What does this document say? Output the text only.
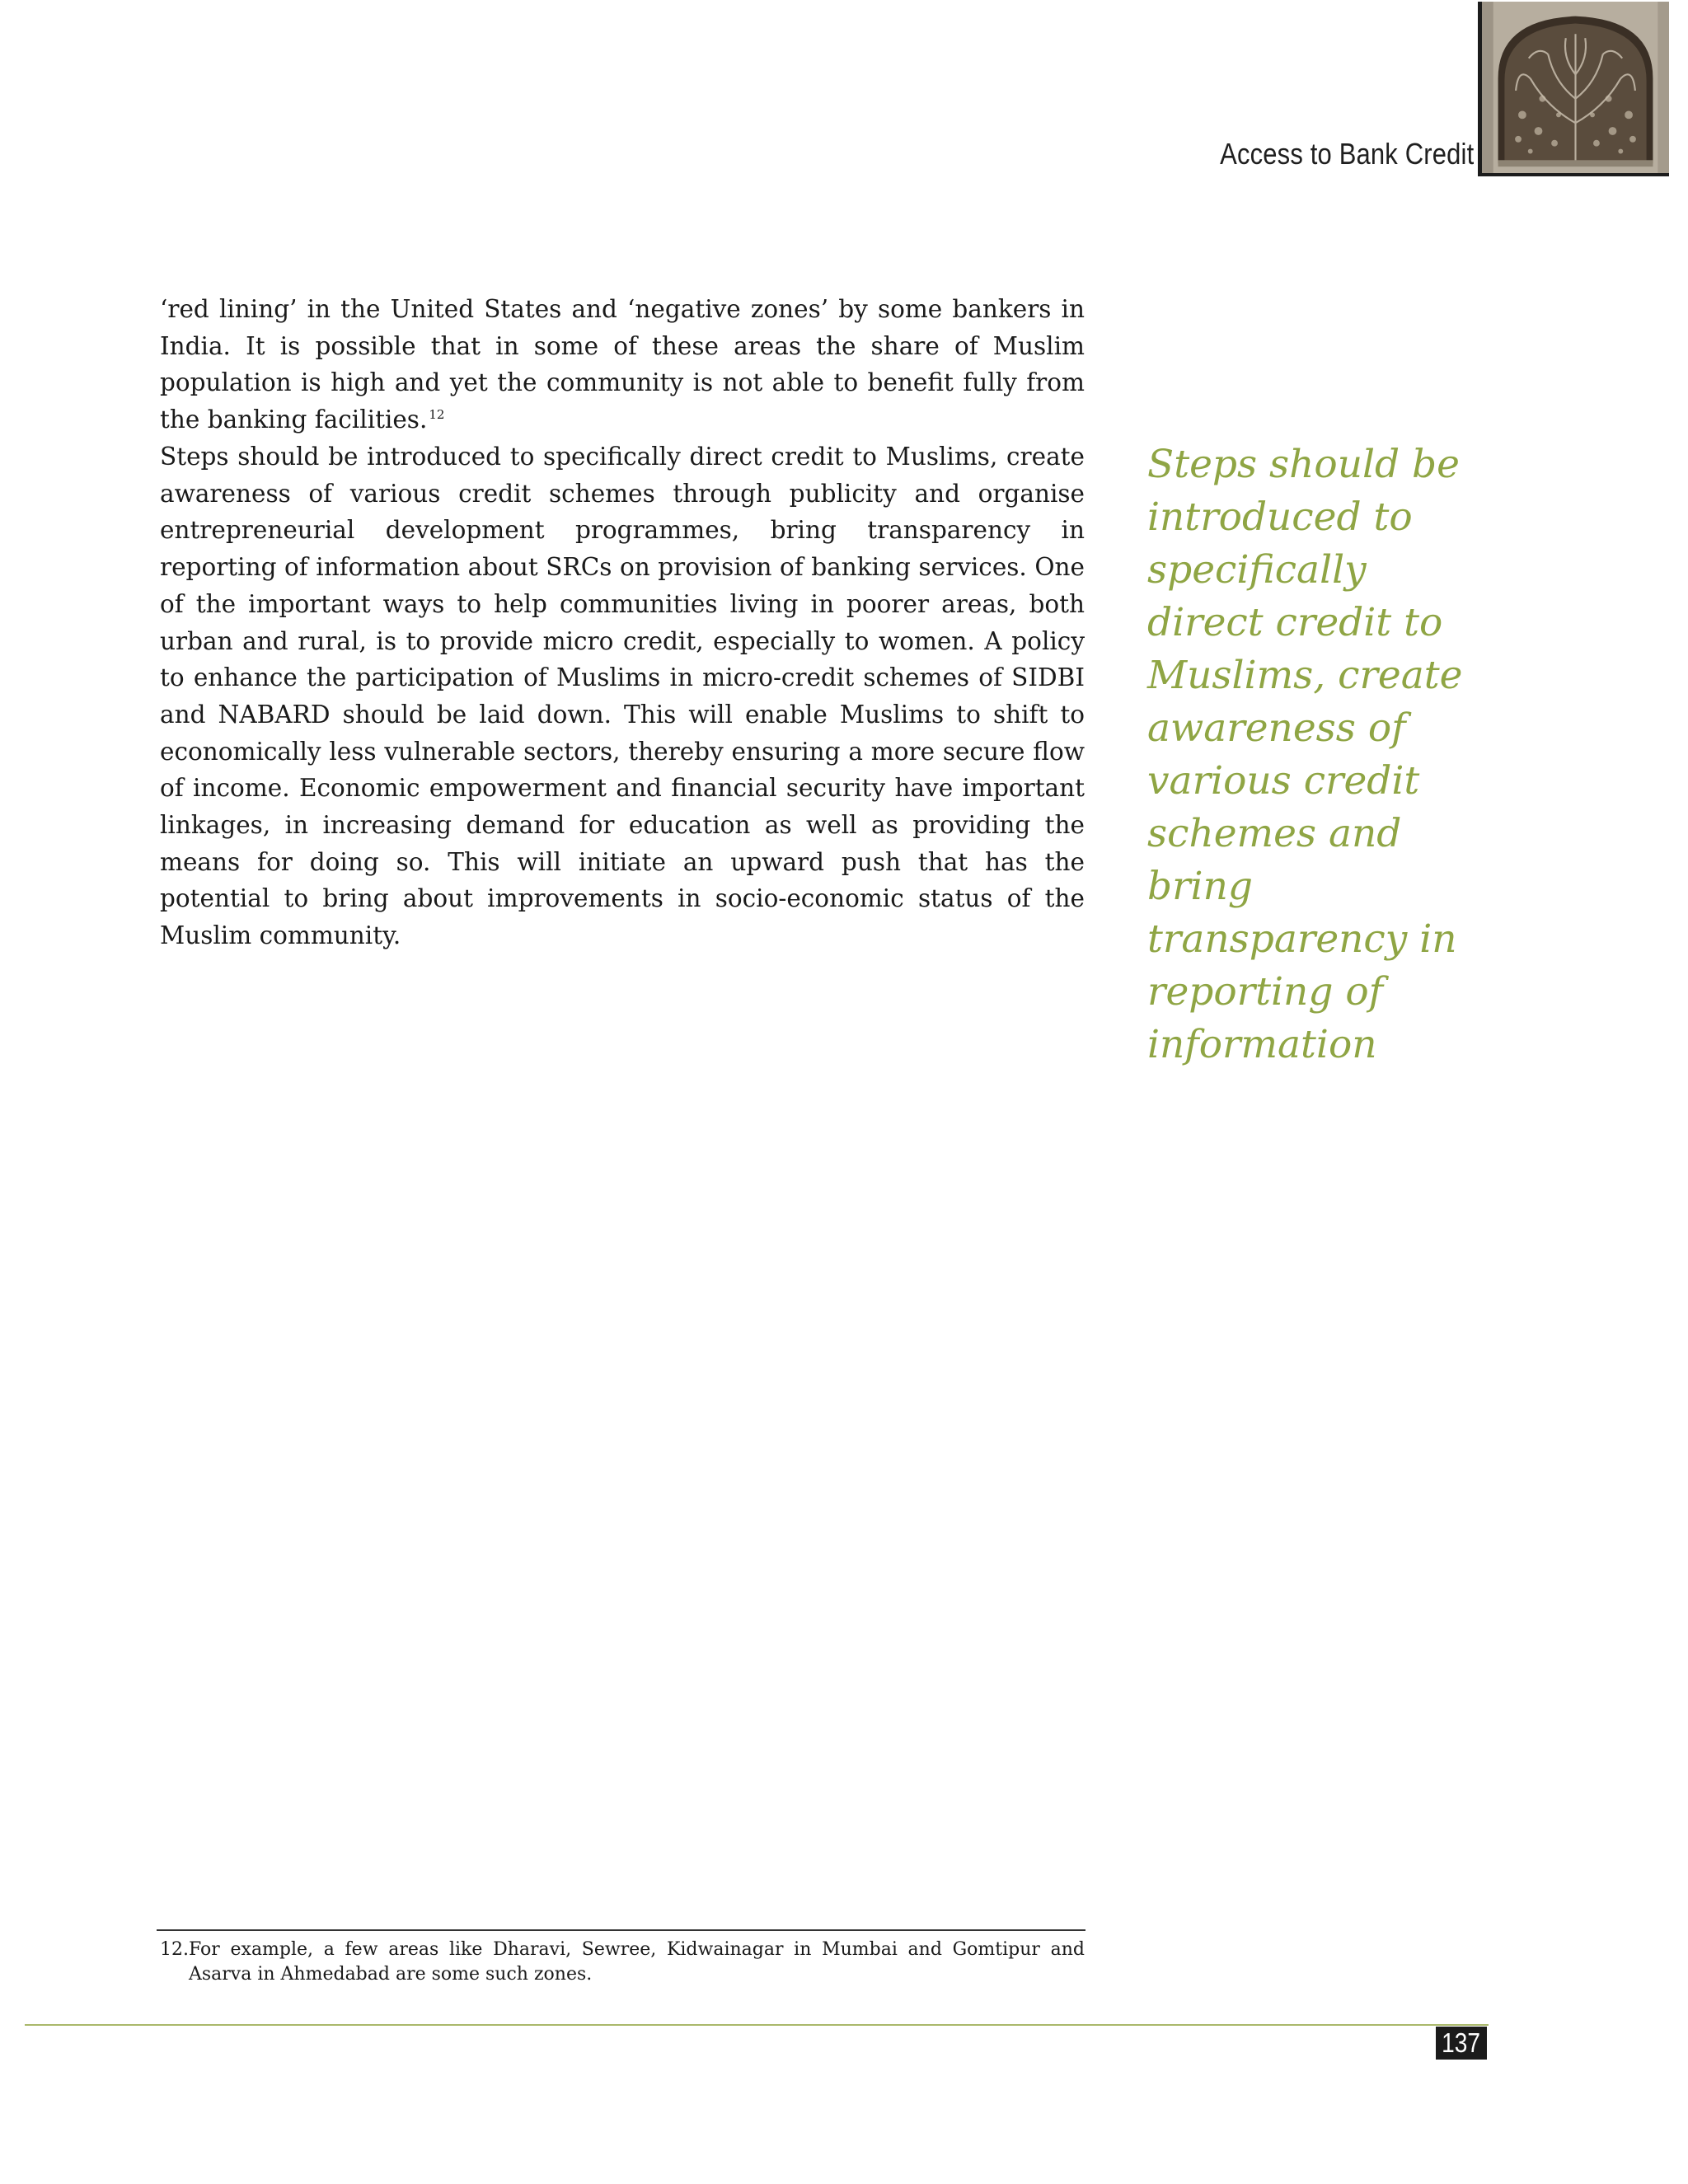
Access to Bank Credit

‘red lining’ in the United States and ‘negative zones’ by some bankers in India. It is possible that in some of these areas the share of Muslim population is high and yet the community is not able to benefit fully from the banking facilities. $^{12}$

Steps should be introduced to specifically direct credit to Muslims, create awareness of various credit schemes through publicity and organise entrepreneurial development programmes, bring transparency in reporting of information about SRCs on provision of banking services. One of the important ways to help communities living in poorer areas, both urban and rural, is to provide micro credit, especially to women. A policy to enhance the participation of Muslims in micro-credit schemes of SIDBI and NABARD should be laid down. This will enable Muslims to shift to economically less vulnerable sectors, thereby ensuring a more secure flow of income. Economic empowerment and financial security have important linkages, in increasing demand for education as well as providing the means for doing so. This will initiate an upward push that has the potential to bring about improvements in socio-economic status of the Muslim community.

Steps should be introduced to specifically direct credit to Muslims, create awareness of various credit schemes and bring transparency in reporting of information

12. For example, a few areas like Dharavi, Sewree, Kidwainagar in Mumbai and Gomtipur and Asarva in Ahmedabad are some such zones.
137
